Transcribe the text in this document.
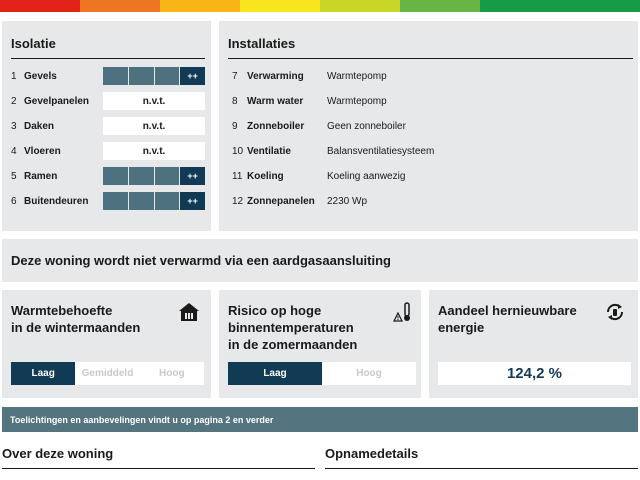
Isolatie
1 Gevels	++
2 Gevelpanelen	n.v.t.
3 Daken	n.v.t.
4 Vloeren	n.v.t.
5 Ramen	++
6 Buitendeuren	++
Installaties
7 Verwarming	Warmtepomp
8 Warm water	Warmtepomp
9 Zonneboiler	Geen zonneboiler
10 Ventilatie	Balansventilatiesysteem
11 Koeling	Koeling aanwezig
12 Zonnepanelen	2230 Wp
Deze woning wordt niet verwarmd via een aardgasaansluiting
Warmtebehoefte
in de wintermaanden
Laag	Gemiddeld	Hoog
Risico op hoge
binnentemperaturen
in de zomermaanden
Laag	Hoog
Aandeel hernieuwbare
energie
124,2 %
Toelichtingen en aanbevelingen vindt u op pagina 2 en verder
Over deze woning	Opnamedetails
